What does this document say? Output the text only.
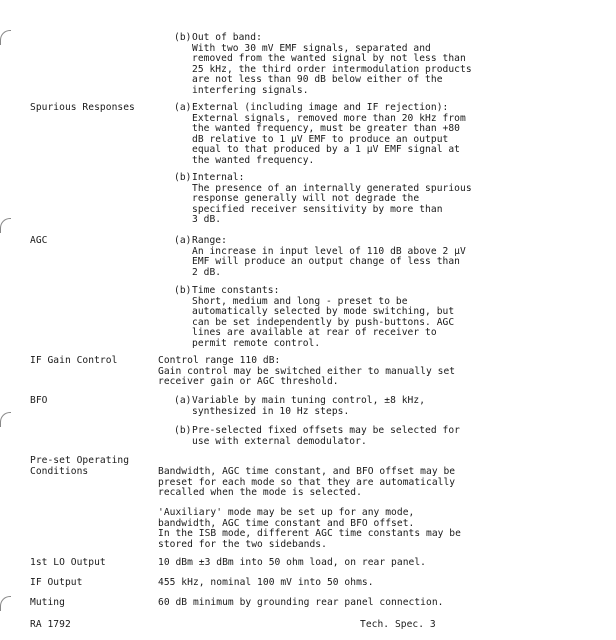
(b) Out of band:
With two 30 mV EMF signals, separated and
removed from the wanted signal by not less than
25 kHz, the third order intermodulation products
are not less than 90 dB below either of the
interfering signals.
Spurious Responses	(a) External (including image and IF rejection):
External signals, removed more than 20 kHz from
the wanted frequency, must be greater than +80
dB relative to 1 µV EMF to produce an output
equal to that produced by a 1 µV EMF signal at
the wanted frequency.
(b) Internal:
The presence of an internally generated spurious
response generally will not degrade the
specified receiver sensitivity by more than
3 dB.
AGC	(a) Range:
An increase in input level of 110 dB above 2 µV
EMF will produce an output change of less than
2 dB.
(b) Time constants:
Short, medium and long - preset to be
automatically selected by mode switching, but
can be set independently by push-buttons. AGC
lines are available at rear of receiver to
permit remote control.
IF Gain Control	Control range 110 dB:
Gain control may be switched either to manually set
receiver gain or AGC threshold.
BFO	(a) Variable by main tuning control, ±8 kHz,
synthesized in 10 Hz steps.
(b) Pre-selected fixed offsets may be selected for
use with external demodulator.
Pre-set Operating
Conditions	Bandwidth, AGC time constant, and BFO offset may be
preset for each mode so that they are automatically
recalled when the mode is selected.
'Auxiliary' mode may be set up for any mode,
bandwidth, AGC time constant and BFO offset.
In the ISB mode, different AGC time constants may be
stored for the two sidebands.
1st LO Output	10 dBm ±3 dBm into 50 ohm load, on rear panel.
IF Output	455 kHz, nominal 100 mV into 50 ohms.
Muting	60 dB minimum by grounding rear panel connection.
RA 1792	Tech. Spec. 3
